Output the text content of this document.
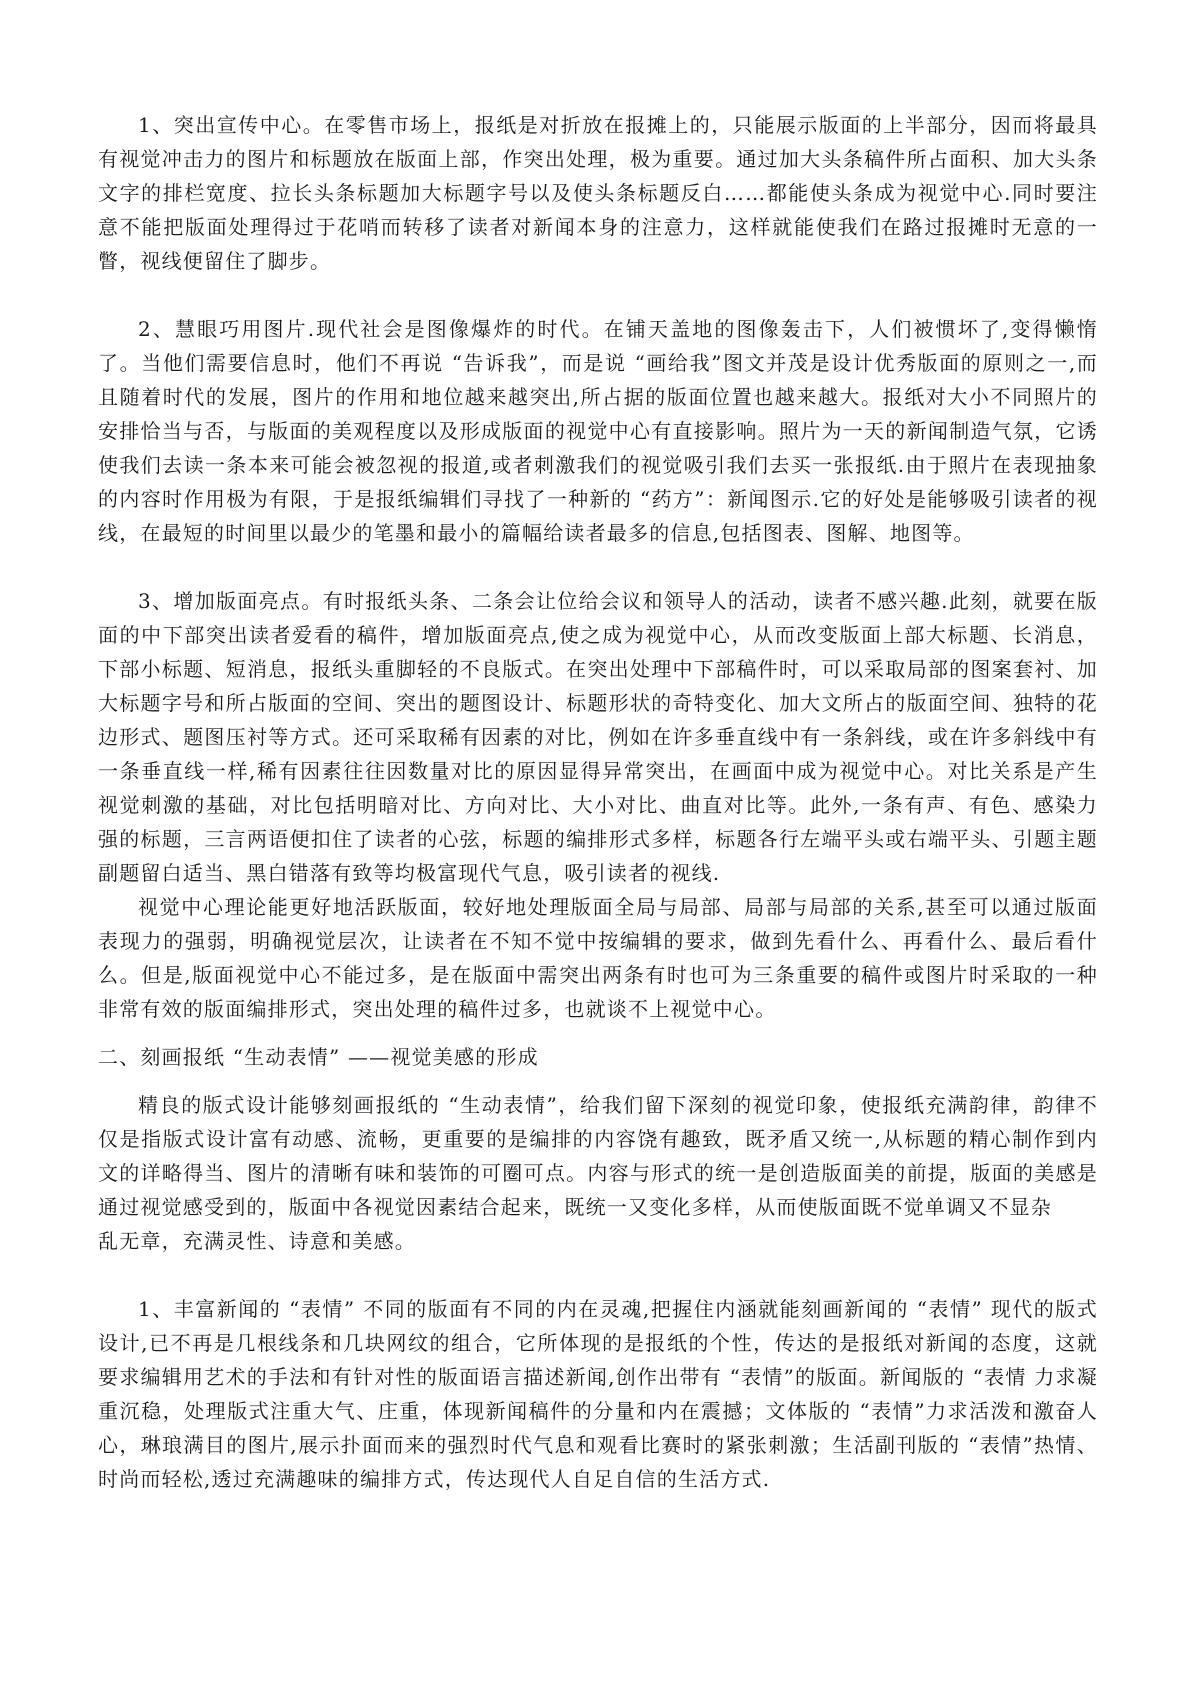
1、突出宣传中心。在零售市场上，报纸是对折放在报摊上的，只能展示版面的上半部分，因而将最具有视觉冲击力的图片和标题放在版面上部，作突出处理，极为重要。通过加大头条稿件所占面积、加大头条文字的排栏宽度、拉长头条标题加大标题字号以及使头条标题反白……都能使头条成为视觉中心.同时要注意不能把版面处理得过于花哨而转移了读者对新闻本身的注意力，这样就能使我们在路过报摊时无意的一瞥，视线便留住了脚步。

2、慧眼巧用图片.现代社会是图像爆炸的时代。在铺天盖地的图像轰击下，人们被惯坏了,变得懒惰了。当他们需要信息时，他们不再说 “告诉我”，而是说 “画给我”图文并茂是设计优秀版面的原则之一,而且随着时代的发展，图片的作用和地位越来越突出,所占据的版面位置也越来越大。报纸对大小不同照片的安排恰当与否，与版面的美观程度以及形成版面的视觉中心有直接影响。照片为一天的新闻制造气氛，它诱使我们去读一条本来可能会被忽视的报道,或者刺激我们的视觉吸引我们去买一张报纸.由于照片在表现抽象的内容时作用极为有限，于是报纸编辑们寻找了一种新的 “药方”：新闻图示.它的好处是能够吸引读者的视线，在最短的时间里以最少的笔墨和最小的篇幅给读者最多的信息,包括图表、图解、地图等。

3、增加版面亮点。有时报纸头条、二条会让位给会议和领导人的活动，读者不感兴趣.此刻，就要在版面的中下部突出读者爱看的稿件，增加版面亮点,使之成为视觉中心，从而改变版面上部大标题、长消息，下部小标题、短消息，报纸头重脚轻的不良版式。在突出处理中下部稿件时，可以采取局部的图案套衬、加大标题字号和所占版面的空间、突出的题图设计、标题形状的奇特变化、加大文所占的版面空间、独特的花边形式、题图压衬等方式。还可采取稀有因素的对比，例如在许多垂直线中有一条斜线，或在许多斜线中有一条垂直线一样,稀有因素往往因数量对比的原因显得异常突出，在画面中成为视觉中心。对比关系是产生视觉刺激的基础，对比包括明暗对比、方向对比、大小对比、曲直对比等。此外,一条有声、有色、感染力强的标题，三言两语便扣住了读者的心弦，标题的编排形式多样，标题各行左端平头或右端平头、引题主题副题留白适当、黑白错落有致等均极富现代气息，吸引读者的视线.

视觉中心理论能更好地活跃版面，较好地处理版面全局与局部、局部与局部的关系,甚至可以通过版面表现力的强弱，明确视觉层次，让读者在不知不觉中按编辑的要求，做到先看什么、再看什么、最后看什么。但是,版面视觉中心不能过多，是在版面中需突出两条有时也可为三条重要的稿件或图片时采取的一种非常有效的版面编排形式，突出处理的稿件过多，也就谈不上视觉中心。

二、刻画报纸 “生动表情” ——视觉美感的形成

精良的版式设计能够刻画报纸的 “生动表情”，给我们留下深刻的视觉印象，使报纸充满韵律，韵律不仅是指版式设计富有动感、流畅，更重要的是编排的内容饶有趣致，既矛盾又统一,从标题的精心制作到内文的详略得当、图片的清晰有味和装饰的可圈可点。内容与形式的统一是创造版面美的前提，版面的美感是通过视觉感受到的，版面中各视觉因素结合起来，既统一又变化多样，从而使版面既不觉单调又不显杂

乱无章，充满灵性、诗意和美感。

1、丰富新闻的 “表情” 不同的版面有不同的内在灵魂,把握住内涵就能刻画新闻的 “表情” 现代的版式设计,已不再是几根线条和几块网纹的组合，它所体现的是报纸的个性，传达的是报纸对新闻的态度，这就要求编辑用艺术的手法和有针对性的版面语言描述新闻,创作出带有 “表情”的版面。新闻版的 “表情 力求凝重沉稳，处理版式注重大气、庄重，体现新闻稿件的分量和内在震撼；文体版的 “表情”力求活泼和激奋人心，琳琅满目的图片,展示扑面而来的强烈时代气息和观看比赛时的紧张刺激；生活副刊版的 “表情”热情、时尚而轻松,透过充满趣味的编排方式，传达现代人自足自信的生活方式.
